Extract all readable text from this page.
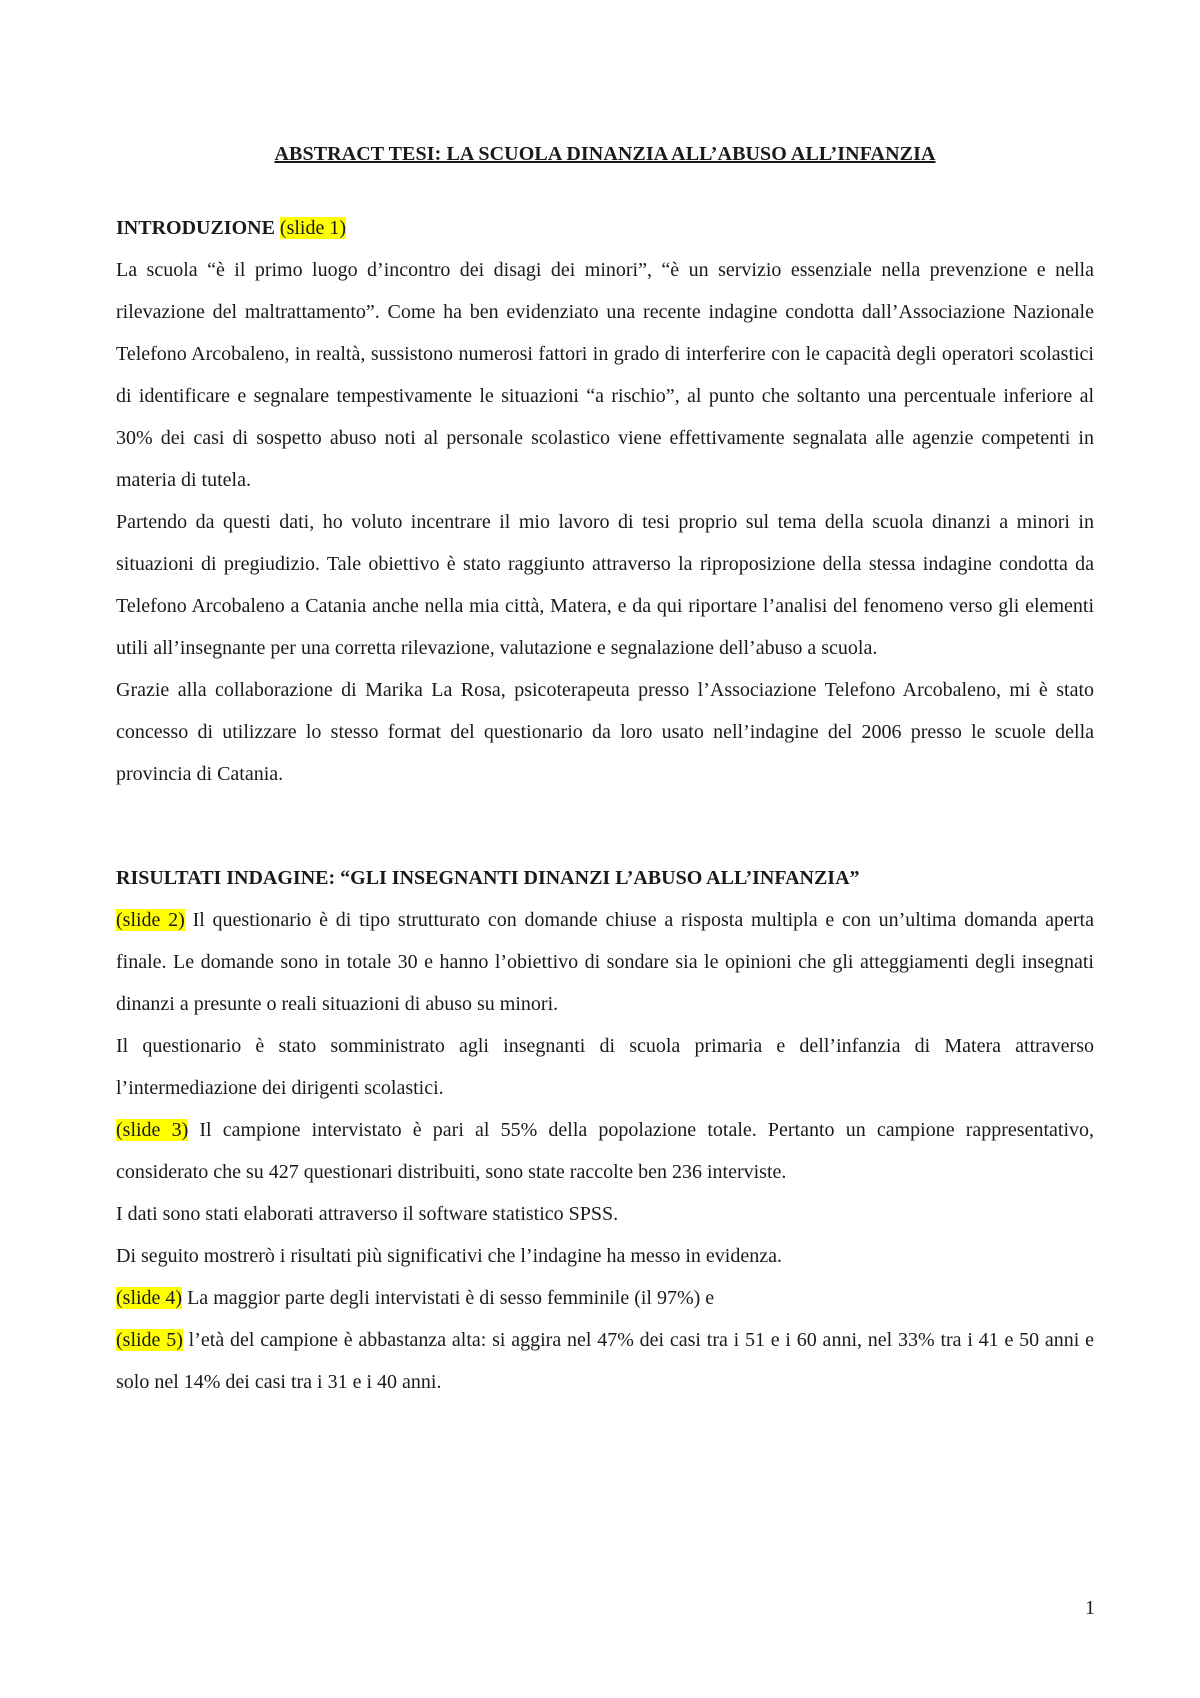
ABSTRACT TESI: LA SCUOLA DINANZIA ALL’ABUSO ALL’INFANZIA
INTRODUZIONE (slide 1)

La scuola “è il primo luogo d’incontro dei disagi dei minori”, “è un servizio essenziale nella prevenzione e nella rilevazione del maltrattamento”. Come ha ben evidenziato una recente indagine condotta dall’Associazione Nazionale Telefono Arcobaleno, in realtà, sussistono numerosi fattori in grado di interferire con le capacità degli operatori scolastici di identificare e segnalare tempestivamente le situazioni “a rischio”, al punto che soltanto una percentuale inferiore al 30% dei casi di sospetto abuso noti al personale scolastico viene effettivamente segnalata alle agenzie competenti in materia di tutela.

Partendo da questi dati, ho voluto incentrare il mio lavoro di tesi proprio sul tema della scuola dinanzi a minori in situazioni di pregiudizio. Tale obiettivo è stato raggiunto attraverso la riproposizione della stessa indagine condotta da Telefono Arcobaleno a Catania anche nella mia città, Matera, e da qui riportare l’analisi del fenomeno verso gli elementi utili all’insegnante per una corretta rilevazione, valutazione e segnalazione dell’abuso a scuola.

Grazie alla collaborazione di Marika La Rosa, psicoterapeuta presso l’Associazione Telefono Arcobaleno, mi è stato concesso di utilizzare lo stesso format del questionario da loro usato nell’indagine del 2006 presso le scuole della provincia di Catania.

RISULTATI INDAGINE: “GLI INSEGNANTI DINANZI L’ABUSO ALL’INFANZIA”

(slide 2) Il questionario è di tipo strutturato con domande chiuse a risposta multipla e con un’ultima domanda aperta finale. Le domande sono in totale 30 e hanno l’obiettivo di sondare sia le opinioni che gli atteggiamenti degli insegnati dinanzi a presunte o reali situazioni di abuso su minori.

Il questionario è stato somministrato agli insegnanti di scuola primaria e dell’infanzia di Matera attraverso l’intermediazione dei dirigenti scolastici.

(slide 3) Il campione intervistato è pari al 55% della popolazione totale. Pertanto un campione rappresentativo, considerato che su 427 questionari distribuiti, sono state raccolte ben 236 interviste.

I dati sono stati elaborati attraverso il software statistico SPSS.

Di seguito mostrerò i risultati più significativi che l’indagine ha messo in evidenza.

(slide 4) La maggior parte degli intervistati è di sesso femminile (il 97%) e

(slide 5) l’età del campione è abbastanza alta: si aggira nel 47% dei casi tra i 51 e i 60 anni, nel 33% tra i 41 e 50 anni e solo nel 14% dei casi tra i 31 e i 40 anni.

1
